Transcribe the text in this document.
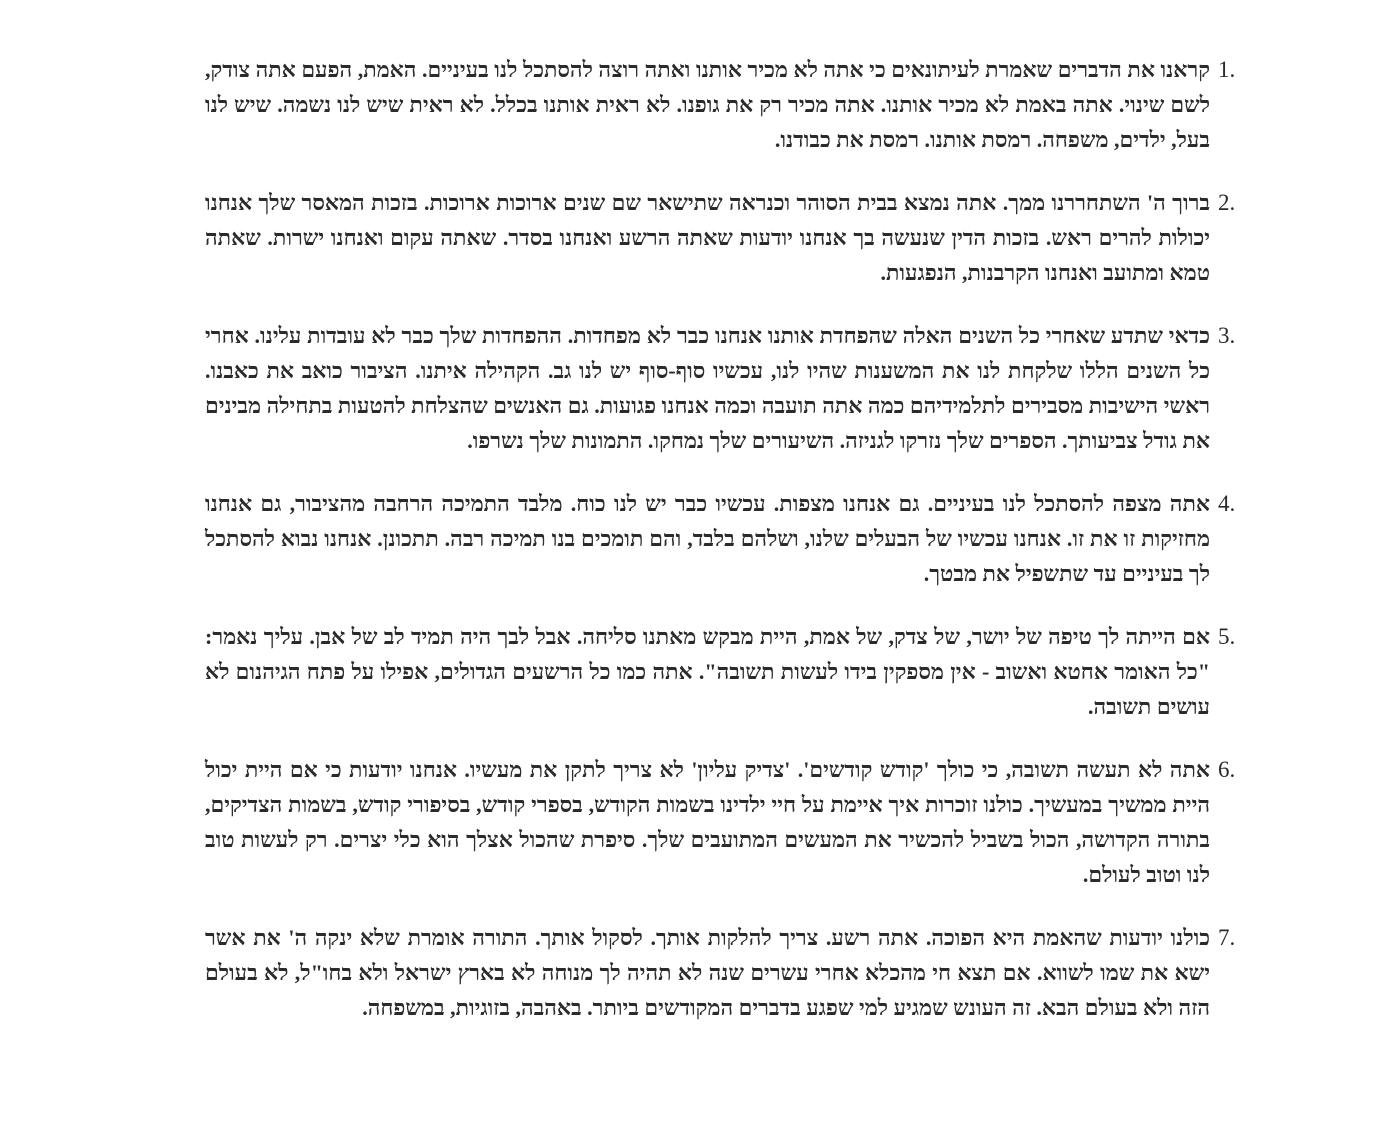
1.
קראנו את הדברים שאמרת לעיתונאים כי אתה לא מכיר אותנו ואתה רוצה להסתכל לנו בעיניים. האמת, הפעם אתה צודק, לשם שינוי. אתה באמת לא מכיר אותנו. אתה מכיר רק את גופנו. לא ראית אותנו בכלל. לא ראית שיש לנו נשמה. שיש לנו בעל, ילדים, משפחה. רמסת אותנו. רמסת את כבודנו.
2.
ברוך ה' השתחררנו ממך. אתה נמצא בבית הסוהר וכנראה שתישאר שם שנים ארוכות ארוכות. בזכות המאסר שלך אנחנו יכולות להרים ראש. בזכות הדין שנעשה בך אנחנו יודעות שאתה הרשע ואנחנו בסדר. שאתה עקום ואנחנו ישרות. שאתה טמא ומתועב ואנחנו הקרבנות, הנפגעות.
3.
כדאי שתדע שאחרי כל השנים האלה שהפחדת אותנו אנחנו כבר לא מפחדות. ההפחדות שלך כבר לא עובדות עלינו. אחרי כל השנים הללו שלקחת לנו את המשענות שהיו לנו, עכשיו סוף-סוף יש לנו גב. הקהילה איתנו. הציבור כואב את כאבנו. ראשי הישיבות מסבירים לתלמידיהם כמה אתה תועבה וכמה אנחנו פגועות. גם האנשים שהצלחת להטעות בתחילה מבינים את גודל צביעותך. הספרים שלך נזרקו לגניזה. השיעורים שלך נמחקו. התמונות שלך נשרפו.
4.
אתה מצפה להסתכל לנו בעיניים. גם אנחנו מצפות. עכשיו כבר יש לנו כוח. מלבד התמיכה הרחבה מהציבור, גם אנחנו מחזיקות זו את זו. אנחנו עכשיו של הבעלים שלנו, ושלהם בלבד, והם תומכים בנו תמיכה רבה. תתכונן. אנחנו נבוא להסתכל לך בעיניים עד שתשפיל את מבטך.
5.
אם הייתה לך טיפה של יושר, של צדק, של אמת, היית מבקש מאתנו סליחה. אבל לבך היה תמיד לב של אבן. עליך נאמר: "כל האומר אחטא ואשוב - אין מספקין בידו לעשות תשובה". אתה כמו כל הרשעים הגדולים, אפילו על פתח הגיהנום לא עושים תשובה.
6.
אתה לא תעשה תשובה, כי כולך 'קודש קודשים'. 'צדיק עליון' לא צריך לתקן את מעשיו. אנחנו יודעות כי אם היית יכול היית ממשיך במעשיך. כולנו זוכרות איך איימת על חיי ילדינו בשמות הקודש, בספרי קודש, בסיפורי קודש, בשמות הצדיקים, בתורה הקדושה, הכול בשביל להכשיר את המעשים המתועבים שלך. סיפרת שהכול אצלך הוא כלי יצרים. רק לעשות טוב לנו וטוב לעולם.
7.
כולנו יודעות שהאמת היא הפוכה. אתה רשע. צריך להלקות אותך. לסקול אותך. התורה אומרת שלא ינקה ה' את אשר ישא את שמו לשווא. אם תצא חי מהכלא אחרי עשרים שנה לא תהיה לך מנוחה לא בארץ ישראל ולא בחו"ל, לא בעולם הזה ולא בעולם הבא. זה העונש שמגיע למי שפגע בדברים המקודשים ביותר. באהבה, בזוגיות, במשפחה.
